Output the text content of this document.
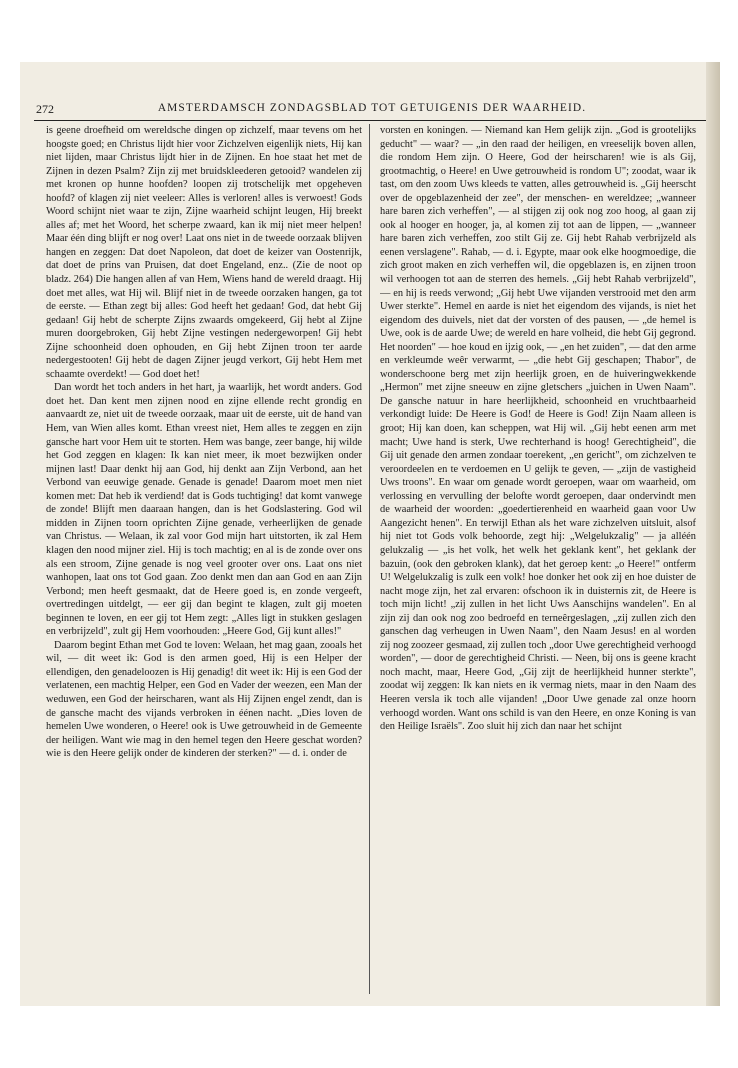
272	AMSTERDAMSCH ZONDAGSBLAD TOT GETUIGENIS DER WAARHEID.

is geene droefheid om wereldsche dingen op zichzelf, maar tevens om het hoogste goed; en Christus lijdt hier voor Zichzelven eigenlijk niets, Hij kan niet lijden, maar Christus lijdt hier in de Zijnen. En hoe staat het met de Zijnen in dezen Psalm? Zijn zij met bruidskleederen getooid? wandelen zij met kronen op hunne hoofden? loopen zij trotschelijk met opgeheven hoofd? of klagen zij niet veeleer: Alles is verloren! alles is verwoest! Gods Woord schijnt niet waar te zijn, Zijne waarheid schijnt leugen, Hij breekt alles af; met het Woord, het scherpe zwaard, kan ik mij niet meer helpen! Maar één ding blijft er nog over! Laat ons niet in de tweede oorzaak blijven hangen en zeggen: Dat doet Napoleon, dat doet de keizer van Oostenrijk, dat doet de prins van Pruisen, dat doet Engeland, enz.. (Zie de noot op bladz. 264) Die hangen allen af van Hem, Wiens hand de wereld draagt. Hij doet met alles, wat Hij wil. Blijf niet in de tweede oorzaken hangen, ga tot de eerste. — Ethan zegt bij alles: God heeft het gedaan! God, dat hebt Gij gedaan! Gij hebt de scherpte Zijns zwaards omgekeerd, Gij hebt al Zijne muren doorgebroken, Gij hebt Zijne vestingen nedergeworpen! Gij hebt Zijne schoonheid doen ophouden, en Gij hebt Zijnen troon ter aarde nedergestooten! Gij hebt de dagen Zijner jeugd verkort, Gij hebt Hem met schaamte overdekt! — God doet het!

Dan wordt het toch anders in het hart, ja waarlijk, het wordt anders. God doet het. Dan kent men zijnen nood en zijne ellende recht grondig en aanvaardt ze, niet uit de tweede oorzaak, maar uit de eerste, uit de hand van Hem, van Wien alles komt. Ethan vreest niet, Hem alles te zeggen en zijn gansche hart voor Hem uit te storten. Hem was bange, zeer bange, hij wilde het God zeggen en klagen: Ik kan niet meer, ik moet bezwijken onder mijnen last! Daar denkt hij aan God, hij denkt aan Zijn Verbond, aan het Verbond van eeuwige genade. Genade is genade! Daarom moet men niet komen met: Dat heb ik verdiend! dat is Gods tuchtiging! dat komt vanwege de zonde! Blijft men daaraan hangen, dan is het Godslastering. God wil midden in Zijnen toorn oprichten Zijne genade, verheerlijken de genade van Christus. — Welaan, ik zal voor God mijn hart uitstorten, ik zal Hem klagen den nood mijner ziel. Hij is toch machtig; en al is de zonde over ons als een stroom, Zijne genade is nog veel grooter over ons. Laat ons niet wanhopen, laat ons tot God gaan. Zoo denkt men dan aan God en aan Zijn Verbond; men heeft gesmaakt, dat de Heere goed is, en zonde vergeeft, overtredingen uitdelgt, — eer gij dan begint te klagen, zult gij moeten beginnen te loven, en eer gij tot Hem zegt: „Alles ligt in stukken geslagen en verbrijzeld", zult gij Hem voorhouden: „Heere God, Gij kunt alles!"

Daarom begint Ethan met God te loven: Welaan, het mag gaan, zooals het wil, — dit weet ik: God is den armen goed, Hij is een Helper der ellendigen, den genadeloozen is Hij genadig! dit weet ik: Hij is een God der verlatenen, een machtig Helper, een God en Vader der weezen, een Man der weduwen, een God der heirscharen, want als Hij Zijnen engel zendt, dan is de gansche macht des vijands verbroken in éénen nacht. „Dies loven de hemelen Uwe wonderen, o Heere! ook is Uwe getrouwheid in de Gemeente der heiligen. Want wie mag in den hemel tegen den Heere geschat worden? wie is den Heere gelijk onder de kinderen der sterken?" — d. i. onder de

vorsten en koningen. — Niemand kan Hem gelijk zijn. „God is grootelijks geducht" — waar? — „in den raad der heiligen, en vreeselijk boven allen, die rondom Hem zijn. O Heere, God der heirscharen! wie is als Gij, grootmachtig, o Heere! en Uwe getrouwheid is rondom U"; zoodat, waar ik tast, om den zoom Uws kleeds te vatten, alles getrouwheid is. „Gij heerscht over de opgeblazenheid der zee", der menschen- en wereldzee; „wanneer hare baren zich verheffen", — al stijgen zij ook nog zoo hoog, al gaan zij ook al hooger en hooger, ja, al komen zij tot aan de lippen, — „wanneer hare baren zich verheffen, zoo stilt Gij ze. Gij hebt Rahab verbrijzeld als eenen verslagene". Rahab, — d. i. Egypte, maar ook elke hoogmoedige, die zich groot maken en zich verheffen wil, die opgeblazen is, en zijnen troon wil verhoogen tot aan de sterren des hemels. „Gij hebt Rahab verbrijzeld", — en hij is reeds verwond; „Gij hebt Uwe vijanden verstrooid met den arm Uwer sterkte". Hemel en aarde is niet het eigendom des vijands, is niet het eigendom des duivels, niet dat der vorsten of des pausen, — „de hemel is Uwe, ook is de aarde Uwe; de wereld en hare volheid, die hebt Gij gegrond. Het noorden" — hoe koud en ijzig ook, — „en het zuiden", — dat den arme en verkleumde weêr verwarmt, — „die hebt Gij geschapen; Thabor", de wonderschoone berg met zijn heerlijk groen, en de huiveringwekkende „Hermon" met zijne sneeuw en zijne gletschers „juichen in Uwen Naam". De gansche natuur in hare heerlijkheid, schoonheid en vruchtbaarheid verkondigt luide: De Heere is God! de Heere is God! Zijn Naam alleen is groot; Hij kan doen, kan scheppen, wat Hij wil. „Gij hebt eenen arm met macht; Uwe hand is sterk, Uwe rechterhand is hoog! Gerechtigheid", die Gij uit genade den armen zondaar toerekent, „en gericht", om zichzelven te veroordeelen en te verdoemen en U gelijk te geven, — „zijn de vastigheid Uws troons". En waar om genade wordt geroepen, waar om waarheid, om verlossing en vervulling der belofte wordt geroepen, daar ondervindt men de waarheid der woorden: „goedertierenheid en waarheid gaan voor Uw Aangezicht henen". En terwijl Ethan als het ware zichzelven uitsluit, alsof hij niet tot Gods volk behoorde, zegt hij: „Welgelukzalig" — ja alléén gelukzalig — „is het volk, het welk het geklank kent", het geklank der bazuin, (ook den gebroken klank), dat het geroep kent: „o Heere!" ontferm U! Welgelukzalig is zulk een volk! hoe donker het ook zij en hoe duister de nacht moge zijn, het zal ervaren: ofschoon ik in duisternis zit, de Heere is toch mijn licht! „zij zullen in het licht Uws Aanschijns wandelen". En al zijn zij dan ook nog zoo bedroefd en terneêrgeslagen, „zij zullen zich den ganschen dag verheugen in Uwen Naam", den Naam Jesus! en al worden zij nog zoozeer gesmaad, zij zullen toch „door Uwe gerechtigheid verhoogd worden", — door de gerechtigheid Christi. — Neen, bij ons is geene kracht noch macht, maar, Heere God, „Gij zijt de heerlijkheid hunner sterkte", zoodat wij zeggen: Ik kan niets en ik vermag niets, maar in den Naam des Heeren versla ik toch alle vijanden! „Door Uwe genade zal onze hoorn verhoogd worden. Want ons schild is van den Heere, en onze Koning is van den Heilige Israëls". Zoo sluit hij zich dan naar het schijnt
